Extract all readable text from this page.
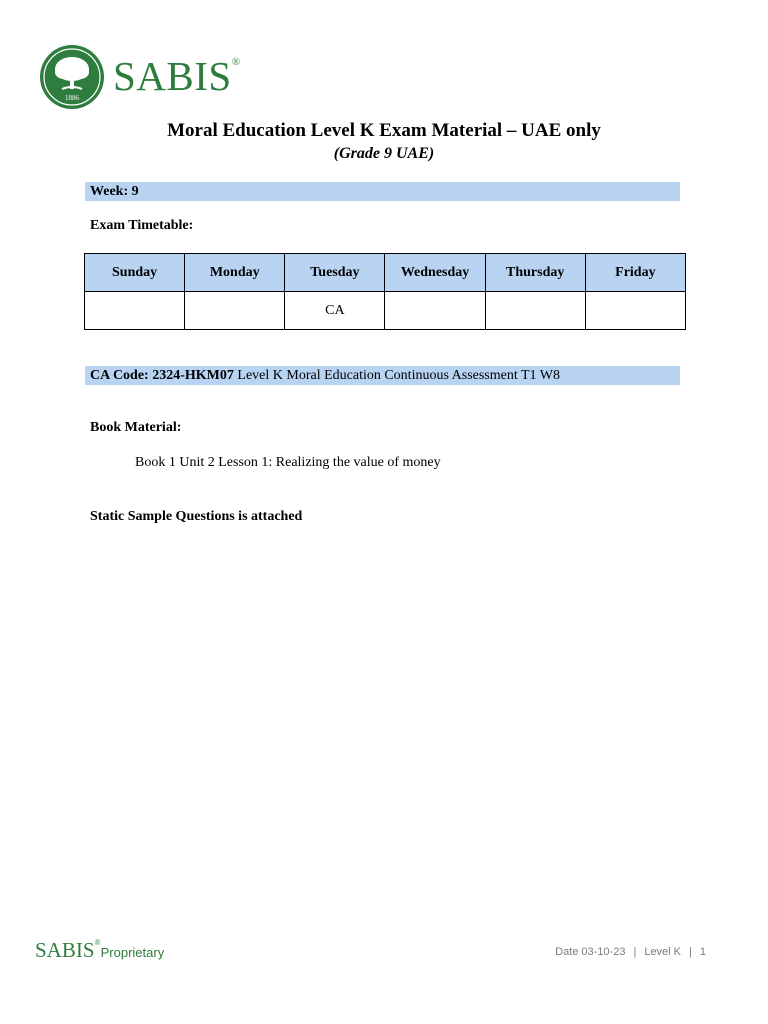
1886 SABIS®
Moral Education Level K Exam Material – UAE only
(Grade 9 UAE)
Week: 9
Exam Timetable:
Sunday	Monday	Tuesday	Wednesday	Thursday	Friday
		CA			
CA Code: 2324-HKM07 Level K Moral Education Continuous Assessment T1 W8
Book Material:
Book 1 Unit 2 Lesson 1: Realizing the value of money
Static Sample Questions is attached
SABIS®Proprietary	Date 03-10-23 | Level K | 1
